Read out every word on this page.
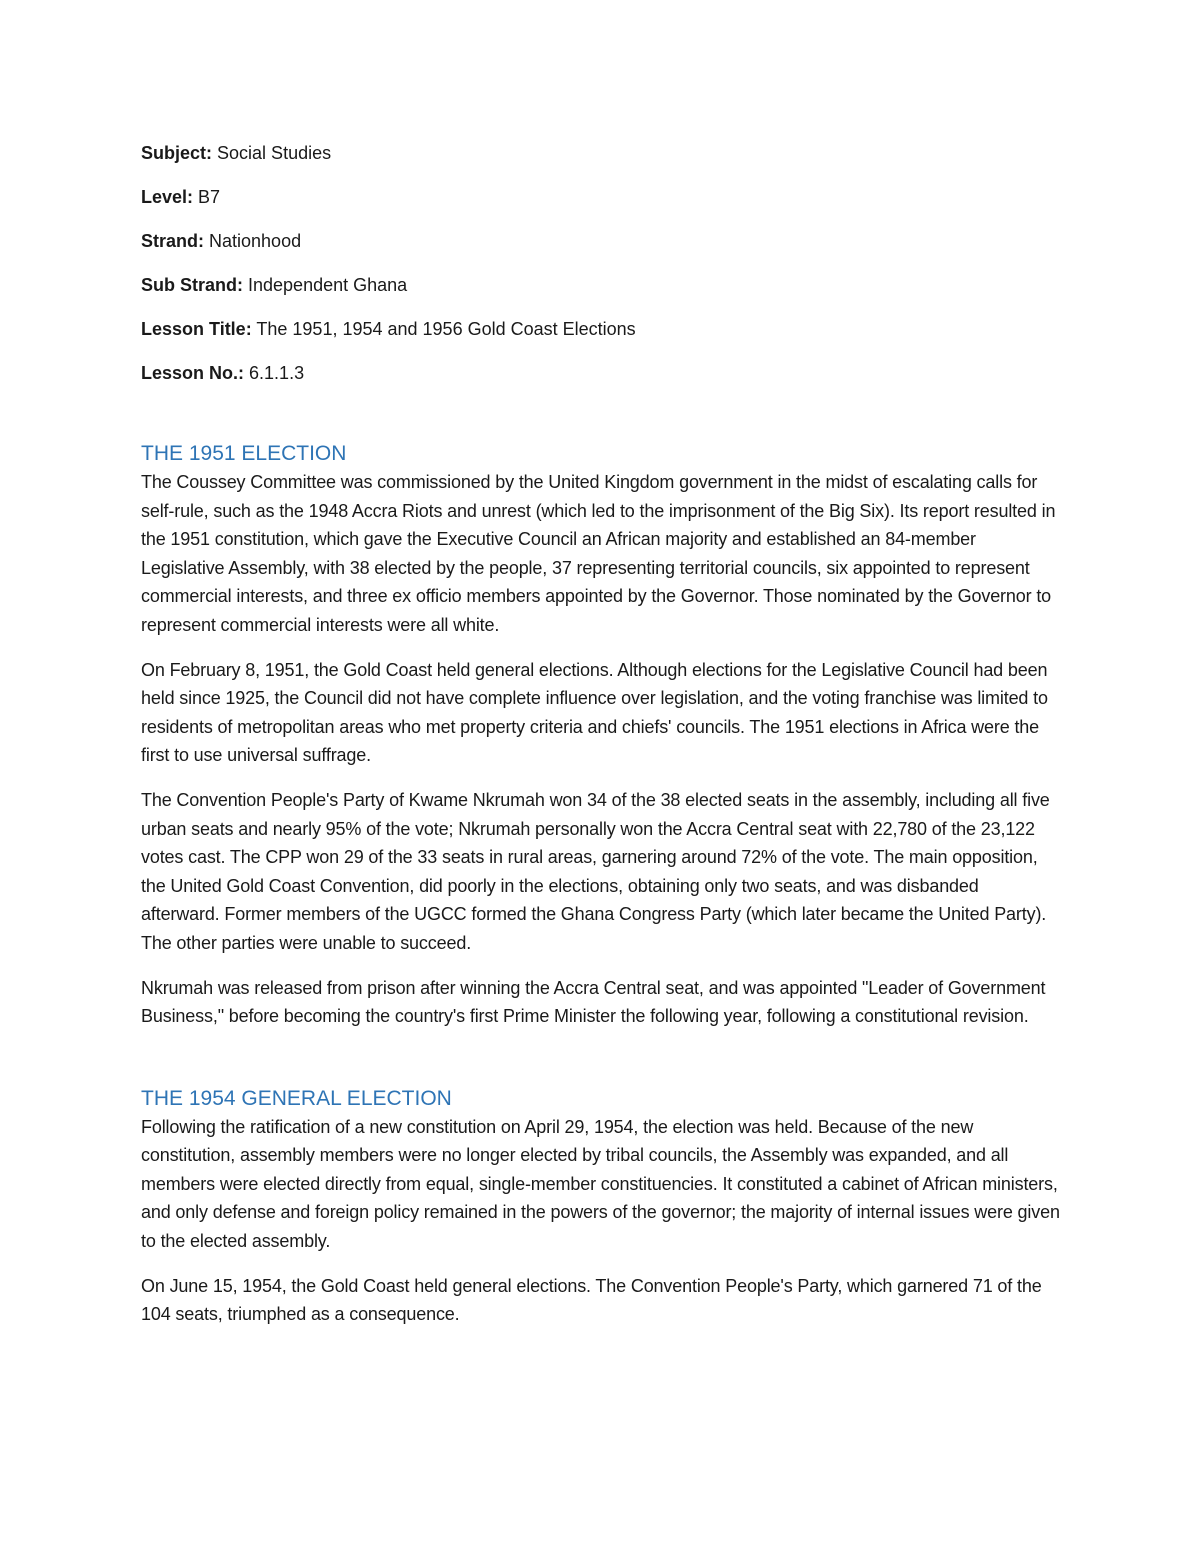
Subject: Social Studies
Level: B7
Strand: Nationhood
Sub Strand: Independent Ghana
Lesson Title: The 1951, 1954 and 1956 Gold Coast Elections
Lesson No.: 6.1.1.3
THE 1951 ELECTION

The Coussey Committee was commissioned by the United Kingdom government in the midst of escalating calls for self-rule, such as the 1948 Accra Riots and unrest (which led to the imprisonment of the Big Six). Its report resulted in the 1951 constitution, which gave the Executive Council an African majority and established an 84-member Legislative Assembly, with 38 elected by the people, 37 representing territorial councils, six appointed to represent commercial interests, and three ex officio members appointed by the Governor. Those nominated by the Governor to represent commercial interests were all white.

On February 8, 1951, the Gold Coast held general elections. Although elections for the Legislative Council had been held since 1925, the Council did not have complete influence over legislation, and the voting franchise was limited to residents of metropolitan areas who met property criteria and chiefs' councils. The 1951 elections in Africa were the first to use universal suffrage.

The Convention People's Party of Kwame Nkrumah won 34 of the 38 elected seats in the assembly, including all five urban seats and nearly 95% of the vote; Nkrumah personally won the Accra Central seat with 22,780 of the 23,122 votes cast. The CPP won 29 of the 33 seats in rural areas, garnering around 72% of the vote. The main opposition, the United Gold Coast Convention, did poorly in the elections, obtaining only two seats, and was disbanded afterward. Former members of the UGCC formed the Ghana Congress Party (which later became the United Party). The other parties were unable to succeed.

Nkrumah was released from prison after winning the Accra Central seat, and was appointed "Leader of Government Business," before becoming the country's first Prime Minister the following year, following a constitutional revision.

THE 1954 GENERAL ELECTION

Following the ratification of a new constitution on April 29, 1954, the election was held. Because of the new constitution, assembly members were no longer elected by tribal councils, the Assembly was expanded, and all members were elected directly from equal, single-member constituencies. It constituted a cabinet of African ministers, and only defense and foreign policy remained in the powers of the governor; the majority of internal issues were given to the elected assembly.

On June 15, 1954, the Gold Coast held general elections. The Convention People's Party, which garnered 71 of the 104 seats, triumphed as a consequence.
